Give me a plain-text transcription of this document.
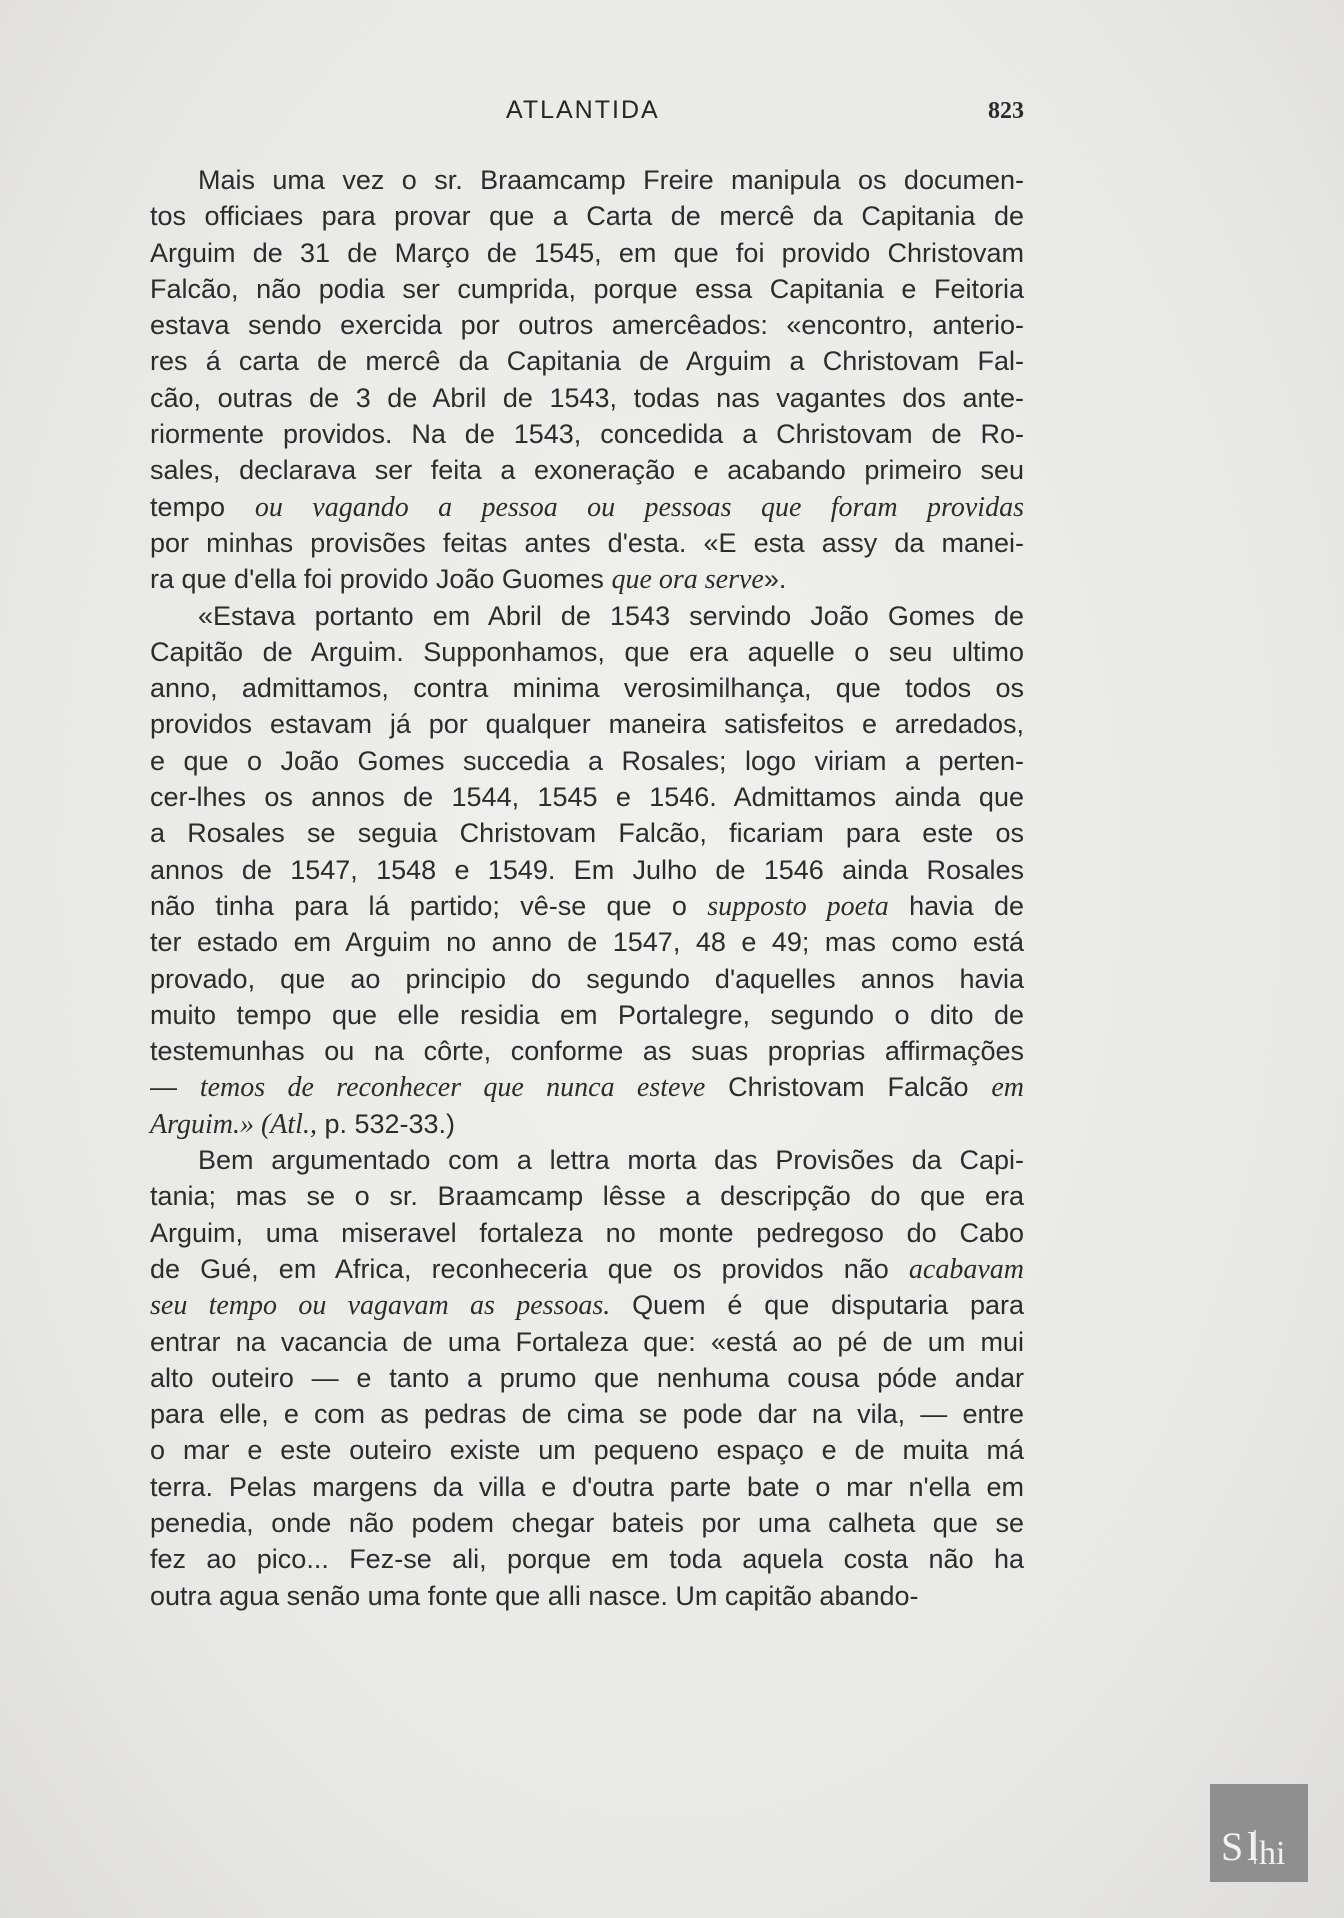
ATLANTIDA	823
Mais uma vez o sr. Braamcamp Freire manipula os documen-
tos officiaes para provar que a Carta de mercê da Capitania de
Arguim de 31 de Março de 1545, em que foi provido Christovam
Falcão, não podia ser cumprida, porque essa Capitania e Feitoria
estava sendo exercida por outros amercêados: «encontro, anterio-
res á carta de mercê da Capitania de Arguim a Christovam Fal-
cão, outras de 3 de Abril de 1543, todas nas vagantes dos ante-
riormente providos. Na de 1543, concedida a Christovam de Ro-
sales, declarava ser feita a exoneração e acabando primeiro seu
tempo ou vagando a pessoa ou pessoas que foram providas
por minhas provisões feitas antes d'esta. «E esta assy da manei-
ra que d'ella foi provido João Guomes que ora serve».
«Estava portanto em Abril de 1543 servindo João Gomes de
Capitão de Arguim. Supponhamos, que era aquelle o seu ultimo
anno, admittamos, contra minima verosimilhança, que todos os
providos estavam já por qualquer maneira satisfeitos e arredados,
e que o João Gomes succedia a Rosales; logo viriam a perten-
cer-lhes os annos de 1544, 1545 e 1546. Admittamos ainda que
a Rosales se seguia Christovam Falcão, ficariam para este os
annos de 1547, 1548 e 1549. Em Julho de 1546 ainda Rosales
não tinha para lá partido; vê-se que o supposto poeta havia de
ter estado em Arguim no anno de 1547, 48 e 49; mas como está
provado, que ao principio do segundo d'aquelles annos havia
muito tempo que elle residia em Portalegre, segundo o dito de
testemunhas ou na côrte, conforme as suas proprias affirmações
— temos de reconhecer que nunca esteve Christovam Falcão em
Arguim.» (Atl., p. 532-33.)
Bem argumentado com a lettra morta das Provisões da Capi-
tania; mas se o sr. Braamcamp lêsse a descripção do que era
Arguim, uma miseravel fortaleza no monte pedregoso do Cabo
de Gué, em Africa, reconheceria que os providos não acabavam
seu tempo ou vagavam as pessoas. Quem é que disputaria para
entrar na vacancia de uma Fortaleza que: «está ao pé de um mui
alto outeiro — e tanto a prumo que nenhuma cousa póde andar
para elle, e com as pedras de cima se pode dar na vila, — entre
o mar e este outeiro existe um pequeno espaço e de muita má
terra. Pelas margens da villa e d'outra parte bate o mar n'ella em
penedia, onde não podem chegar bateis por uma calheta que se
fez ao pico... Fez-se ali, porque em toda aquela costa não ha
outra agua senão uma fonte que alli nasce. Um capitão abando-
S l hi
